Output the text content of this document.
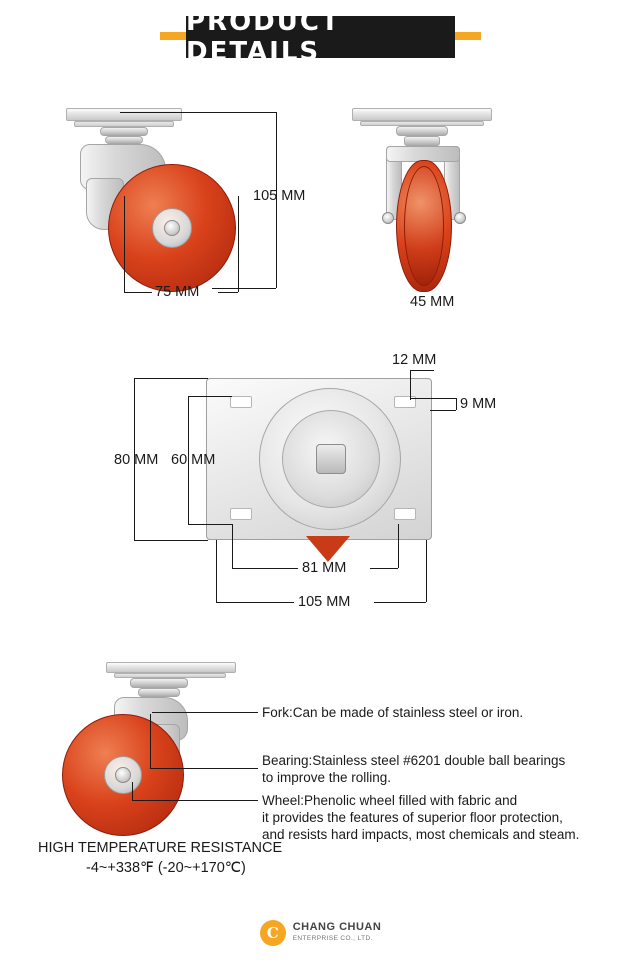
PRODUCT DETAILS
105 MM
75 MM
45 MM
12 MM
9 MM
80 MM 60 MM
81 MM
105 MM
Fork:Can be made of stainless steel or iron.
Bearing:Stainless steel #6201 double ball bearings
to improve the rolling.
Wheel:Phenolic wheel filled with fabric and
it provides the features of superior floor protection,
and resists hard impacts, most chemicals and steam.
HIGH TEMPERATURE RESISTANCE
-4~+338℉ (-20~+170℃)
C	CHANG CHUAN
ENTERPRISE CO., LTD.
